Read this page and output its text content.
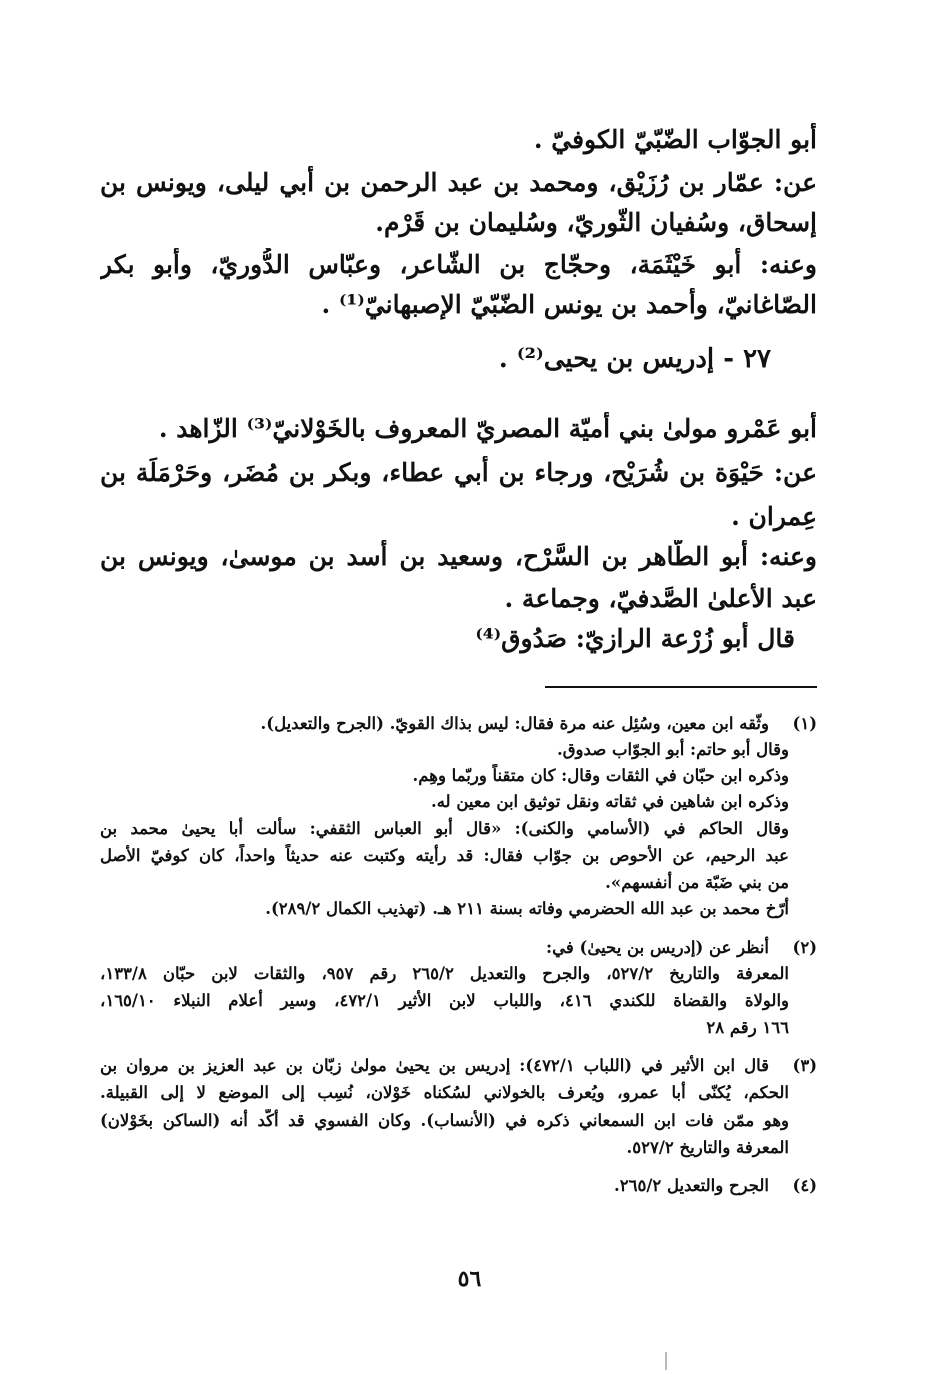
أبو الجوّاب الضّبّيّ الكوفيّ .
عن: عمّار بن رُزَيْق، ومحمد بن عبد الرحمن بن أبي ليلى، ويونس بن
إسحاق، وسُفيان الثّوريّ، وسُليمان بن قَرْم.
وعنه: أبو خَيْثَمَة، وحجّاج بن الشّاعر، وعبّاس الدُّوريّ، وأبو بكر
الصّاغانيّ، وأحمد بن يونس الضّبّيّ الإصبهانيّ⁽¹⁾ .
٢٧ - إدريس بن يحيى⁽²⁾ .
أبو عَمْرو مولىٰ بني أُميّة المصريّ المعروف بالخَوْلانيّ⁽³⁾ الزّاهد .
عن: حَيْوَة بن شُرَيْح، ورجاء بن أبي عطاء، وبكر بن مُضَر، وحَرْمَلَة بن
عِمران .
وعنه: أبو الطّاهر بن السَّرْح، وسعيد بن أسد بن موسىٰ، ويونس بن
عبد الأعلىٰ الصَّدفيّ، وجماعة .
قال أبو زُرْعة الرازيّ: صَدُوق⁽⁴⁾
(١)
وثّقه ابن معين، وسُئِل عنه مرة فقال: ليس بذاك القويّ. (الجرح والتعديل).
وقال أبو حاتم: أبو الجوّاب صدوق.
وذكره ابن حبّان في الثقات وقال: كان متقناً وربّما وهِم.
وذكره ابن شاهين في ثقاته ونقل توثيق ابن معين له.
وقال الحاكم في (الأسامي والكنى): «قال أبو العباس الثقفي: سألت أبا يحيىٰ محمد بن
عبد الرحيم، عن الأحوص بن جوّاب فقال: قد رأيته وكتبت عنه حديثاً واحداً، كان كوفيّ الأصل
من بني ضَبّة من أنفسهم».
أرّخ محمد بن عبد الله الحضرمي وفاته بسنة ٢١١ هـ. (تهذيب الكمال ٢٨٩/٢).
(٢)
أنظر عن (إدريس بن يحيىٰ) في:
المعرفة والتاريخ ٥٢٧/٢، والجرح والتعديل ٢٦٥/٢ رقم ٩٥٧، والثقات لابن حبّان ١٣٣/٨،
والولاة والقضاة للكندي ٤١٦، واللباب لابن الأثير ٤٧٢/١، وسير أعلام النبلاء ١٦٥/١٠،
١٦٦ رقم ٢٨
(٣)
قال ابن الأثير في (اللباب ٤٧٢/١): إدريس بن يحيىٰ مولىٰ زبّان بن عبد العزيز بن مروان بن
الحكم، يُكنّى أبا عمرو، ويُعرف بالخولاني لسُكناه خَوْلان، نُسِب إلى الموضع لا إلى القبيلة.
وهو ممّن فات ابن السمعاني ذكره في (الأنساب). وكان الفسوي قد أكّد أنه (الساكن بخَوْلان)
المعرفة والتاريخ ٥٢٧/٢.
(٤)
الجرح والتعديل ٢٦٥/٢.
٥٦
